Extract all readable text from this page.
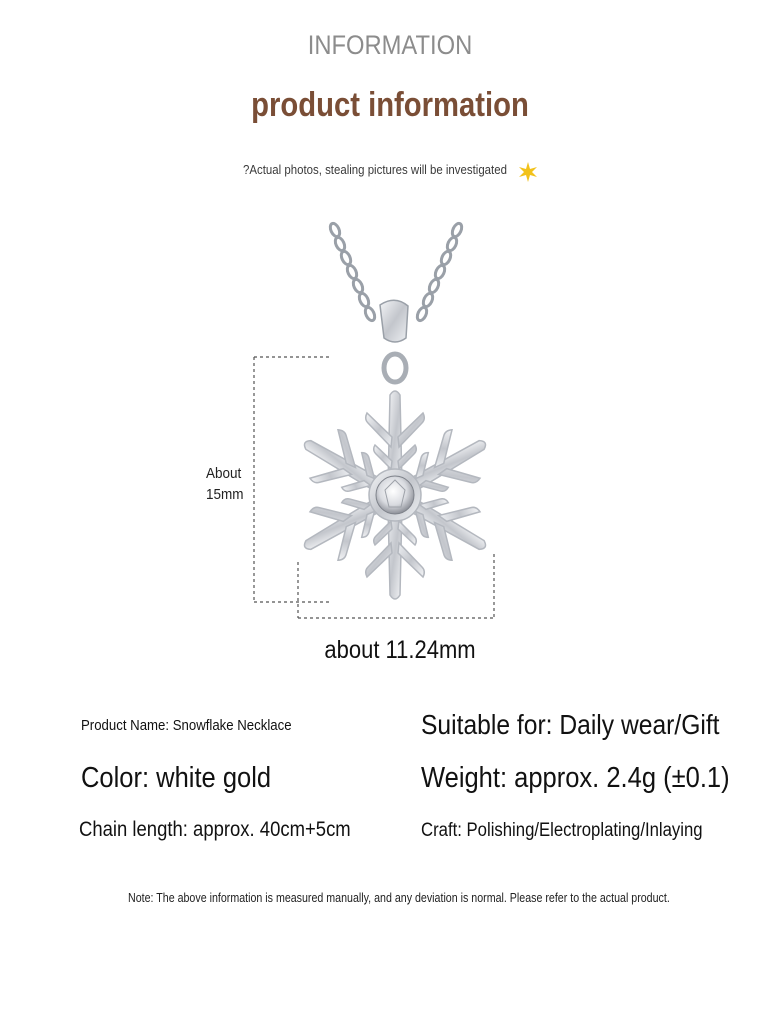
INFORMATION
product information
?Actual photos, stealing pictures will be investigated
About
15mm
about 11.24mm
Product Name: Snowflake Necklace	Suitable for: Daily wear/Gift
Color: white gold	Weight: approx. 2.4g (±0.1)
Chain length: approx. 40cm+5cm	Craft: Polishing/Electroplating/Inlaying
Note: The above information is measured manually, and any deviation is normal. Please refer to the actual product.
